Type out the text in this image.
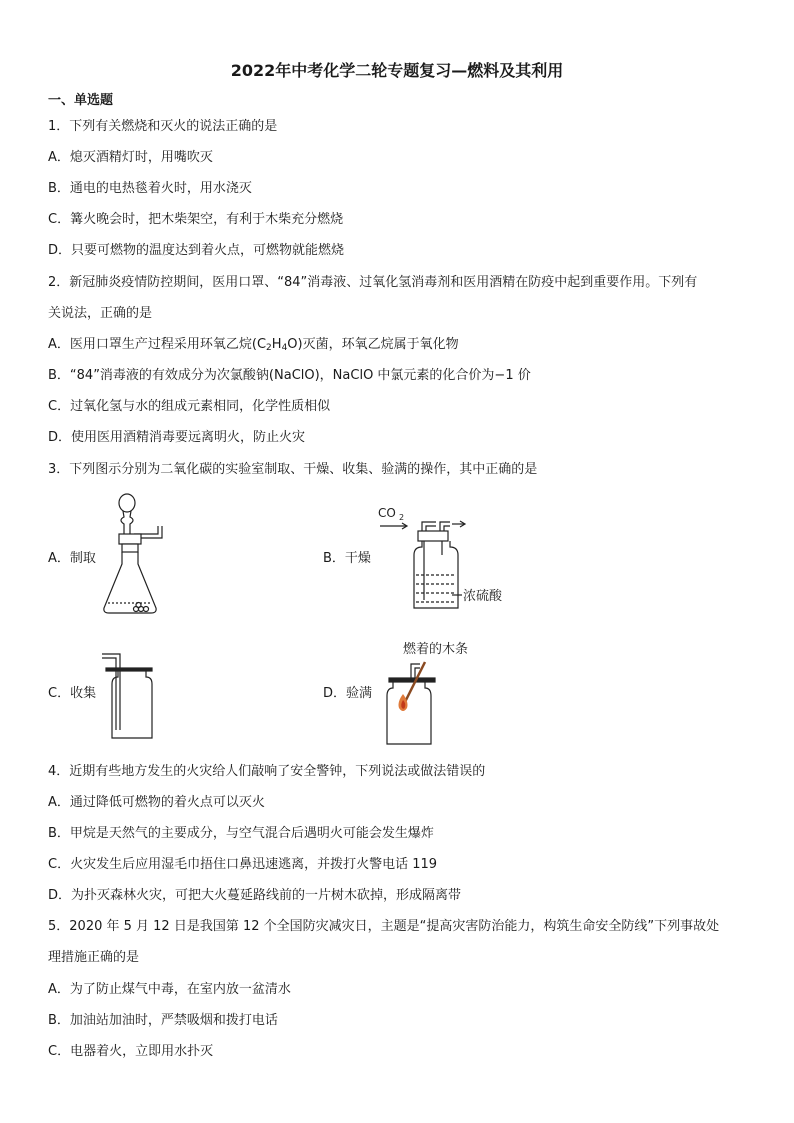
2022年中考化学二轮专题复习—燃料及其利用
一、单选题
1．下列有关燃烧和灭火的说法正确的是
A．熄灭酒精灯时，用嘴吹灭
B．通电的电热毯着火时，用水浇灭
C．篝火晚会时，把木柴架空，有利于木柴充分燃烧
D．只要可燃物的温度达到着火点，可燃物就能燃烧
2．新冠肺炎疫情防控期间，医用口罩、“84”消毒液、过氧化氢消毒剂和医用酒精在防疫中起到重要作用。下列有
关说法，正确的是
A．医用口罩生产过程采用环氧乙烷$(C_2H_4O)$灭菌，环氧乙烷属于氧化物
B．“84”消毒液的有效成分为次氯酸钠(NaClO)，NaClO 中氯元素的化合价为−1 价
C．过氧化氢与水的组成元素相同，化学性质相似
D．使用医用酒精消毒要远离明火，防止火灾
3．下列图示分别为二氧化碳的实验室制取、干燥、收集、验满的操作，其中正确的是
A．制取	B．干燥
C．收集	D．验满
CO 2
浓硫酸
燃着的木条
4．近期有些地方发生的火灾给人们敲响了安全警钟，下列说法或做法错误的
A．通过降低可燃物的着火点可以灭火
B．甲烷是天然气的主要成分，与空气混合后遇明火可能会发生爆炸
C．火灾发生后应用湿毛巾捂住口鼻迅速逃离，并拨打火警电话 119
D．为扑灭森林火灾，可把大火蔓延路线前的一片树木砍掉，形成隔离带
5．2020 年 5 月 12 日是我国第 12 个全国防灾减灾日，主题是“提高灾害防治能力，构筑生命安全防线”下列事故处
理措施正确的是
A．为了防止煤气中毒，在室内放一盆清水
B．加油站加油时，严禁吸烟和拨打电话
C．电器着火，立即用水扑灭
